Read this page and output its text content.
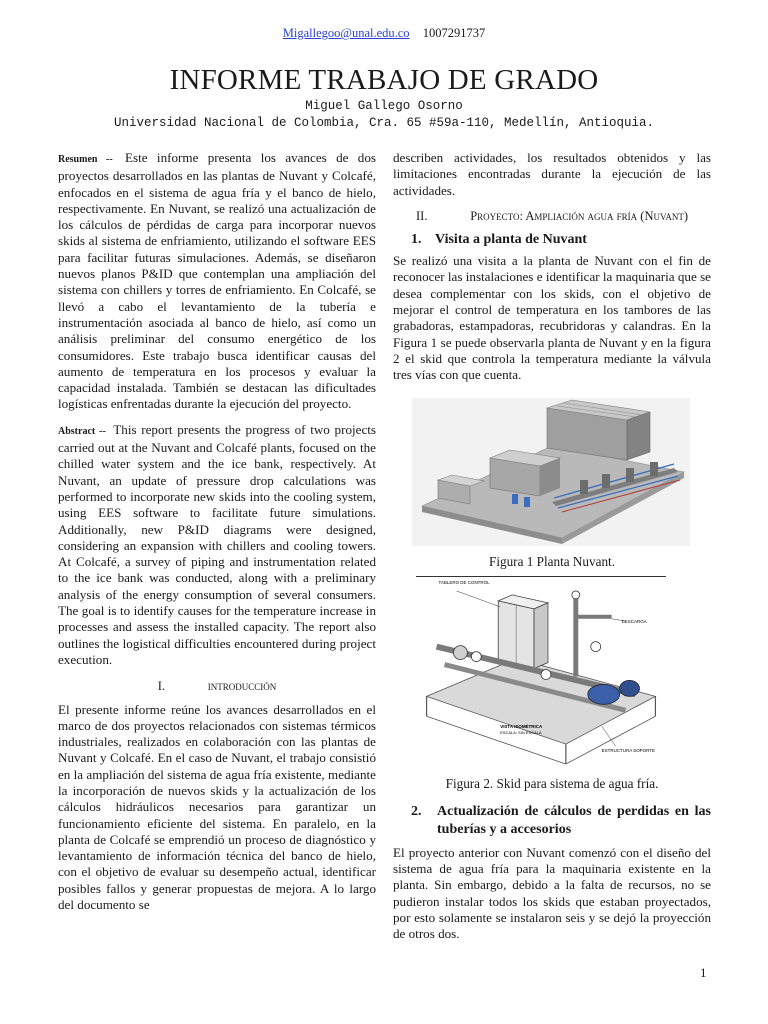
Migallegoo@unal.edu.co 1007291737
INFORME TRABAJO DE GRADO
Miguel Gallego Osorno
Universidad Nacional de Colombia, Cra. 65 #59a-110, Medellín, Antioquia.

Resumen -- Este informe presenta los avances de dos proyectos desarrollados en las plantas de Nuvant y Colcafé, enfocados en el sistema de agua fría y el banco de hielo, respectivamente. En Nuvant, se realizó una actualización de los cálculos de pérdidas de carga para incorporar nuevos skids al sistema de enfriamiento, utilizando el software EES para facilitar futuras simulaciones. Además, se diseñaron nuevos planos P&ID que contemplan una ampliación del sistema con chillers y torres de enfriamiento. En Colcafé, se llevó a cabo el levantamiento de la tubería e instrumentación asociada al banco de hielo, así como un análisis preliminar del consumo energético de los consumidores. Este trabajo busca identificar causas del aumento de temperatura en los procesos y evaluar la capacidad instalada. También se destacan las dificultades logísticas enfrentadas durante la ejecución del proyecto.

Abstract -- This report presents the progress of two projects carried out at the Nuvant and Colcafé plants, focused on the chilled water system and the ice bank, respectively. At Nuvant, an update of pressure drop calculations was performed to incorporate new skids into the cooling system, using EES software to facilitate future simulations. Additionally, new P&ID diagrams were designed, considering an expansion with chillers and cooling towers. At Colcafé, a survey of piping and instrumentation related to the ice bank was conducted, along with a preliminary analysis of the energy consumption of several consumers. The goal is to identify causes for the temperature increase in processes and assess the installed capacity. The report also outlines the logistical difficulties encountered during project execution.

I.	introducción

El presente informe reúne los avances desarrollados en el marco de dos proyectos relacionados con sistemas térmicos industriales, realizados en colaboración con las plantas de Nuvant y Colcafé. En el caso de Nuvant, el trabajo consistió en la ampliación del sistema de agua fría existente, mediante la incorporación de nuevos skids y la actualización de los cálculos hidráulicos necesarios para garantizar un funcionamiento eficiente del sistema. En paralelo, en la planta de Colcafé se emprendió un proceso de diagnóstico y levantamiento de información técnica del banco de hielo, con el objetivo de evaluar su desempeño actual, identificar posibles fallos y generar propuestas de mejora. A lo largo del documento se

describen actividades, los resultados obtenidos y las limitaciones encontradas durante la ejecución de las actividades.

II.	Proyecto: Ampliación agua fría (Nuvant)
1. Visita a planta de Nuvant

Se realizó una visita a la planta de Nuvant con el fin de reconocer las instalaciones e identificar la maquinaria que se desea complementar con los skids, con el objetivo de mejorar el control de temperatura en los tambores de las grabadoras, estampadoras, recubridoras y calandras. En la Figura 1 se puede observarla planta de Nuvant y en la figura 2 el skid que controla la temperatura mediante la válvula tres vías con que cuenta.

Figura 1 Planta Nuvant.
TABLERO DE CONTROL
DESCARGA
VISTA ISOMÉTRICA
ESCALA: SIN ESCALA
ESTRUCTURA SOPORTE
Figura 2. Skid para sistema de agua fría.
2.	Actualización de cálculos de perdidas en las tuberías y a accesorios

El proyecto anterior con Nuvant comenzó con el diseño del sistema de agua fría para la maquinaria existente en la planta. Sin embargo, debido a la falta de recursos, no se pudieron instalar todos los skids que estaban proyectados, por esto solamente se instalaron seis y se dejó la proyección de otros dos.

1
